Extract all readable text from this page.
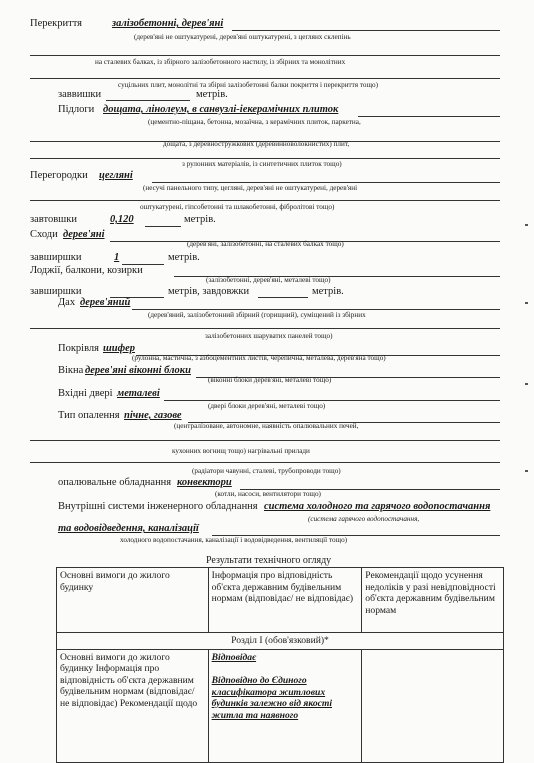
Перекриття	залізобетонні, дерев'яні
(дерев'яні не оштукатурені, дерев'яні оштукатурені, з цеглянх склепінь
на сталевих балках, із збірного залізобетонного настилу, із збірних та монолітних
суцільних плит, монолітні та збірні залізобетонні балки покриття і перекриття тощо)
заввишки	метрів.
Підлоги дощата, лінолеум, в санвузлі-іекерамічних плиток
(цементно-піщана, бетонна, мозаїчна, з керамічних плиток, паркетна,
дощата, з деревностружкових (деревинноволокнистих) плит,
з рулонних матеріалів, із синтетичних плиток тощо)
Перегородки цегляні
(несучі панельного типу, цегляні, дерев'яні не оштукатурені, дерев'яні
оштукатурені, гіпсобетонні та шлакобетонні, фібролітові тощо)
завтовшки	0,120	метрів.
Сходи дерев'яні
(дерев'яні, залізобетонні, на сталевих балках тощо)
завширшки	1	метрів.
Лоджії, балкони, козирки
(залізобетонні, дерев'яні, металеві тощо)
завширшки	метрів, завдовжки	метрів.
Дах дерев'яний
(дерев'яний, залізобетонний збірний (горищний), суміщений із збірних
залізобетонних шаруватих панелей тощо)
Покрівля шифер
(рулонна, мастична, з азбоцементних листів, черепична, металева, дерев'яна тощо)
Вікна дерев'яні віконні блоки
(віконні блоки дерев'яні, металеві тощо)
Вхідні двері металеві
(двері блоки дерев'яні, металеві тощо)
Тип опалення пічне, газове
(централізоване, автономне, наявність опалювальних печей,
кухонних вогнищ тощо) нагрівальні прилади
(радіатори чавунні, сталеві, трубопроводи тощо)
опалювальне обладнання конвектори
(котли, насоси, вентилятори тощо)
Внутрішні системи інженерного обладнання система холодного та гарячого водопостачання
(система гарячого водопостачання,
та водовідведення, каналізації
холодного водопостачання, каналізації і водовідведення, вентиляції тощо)
Результати технічного огляду
Основні вимоги до жилого будинку	Інформація про відповідність об'єкта державним будівельним нормам (відповідає/ не відповідає)	Рекомендації щодо усунення недоліків у разі невідповідності об'єкта державним будівельним нормам
Розділ I (обов'язковий)*		
Основні вимоги до жилого будинку Інформація про відповідність об'єкта державним будівельним нормам (відповідає/ не відповідає) Рекомендації щодо	Відповідає
Відповідно до Єдиного класифікатора житлових будинків залежно від якості житла та наявного	
